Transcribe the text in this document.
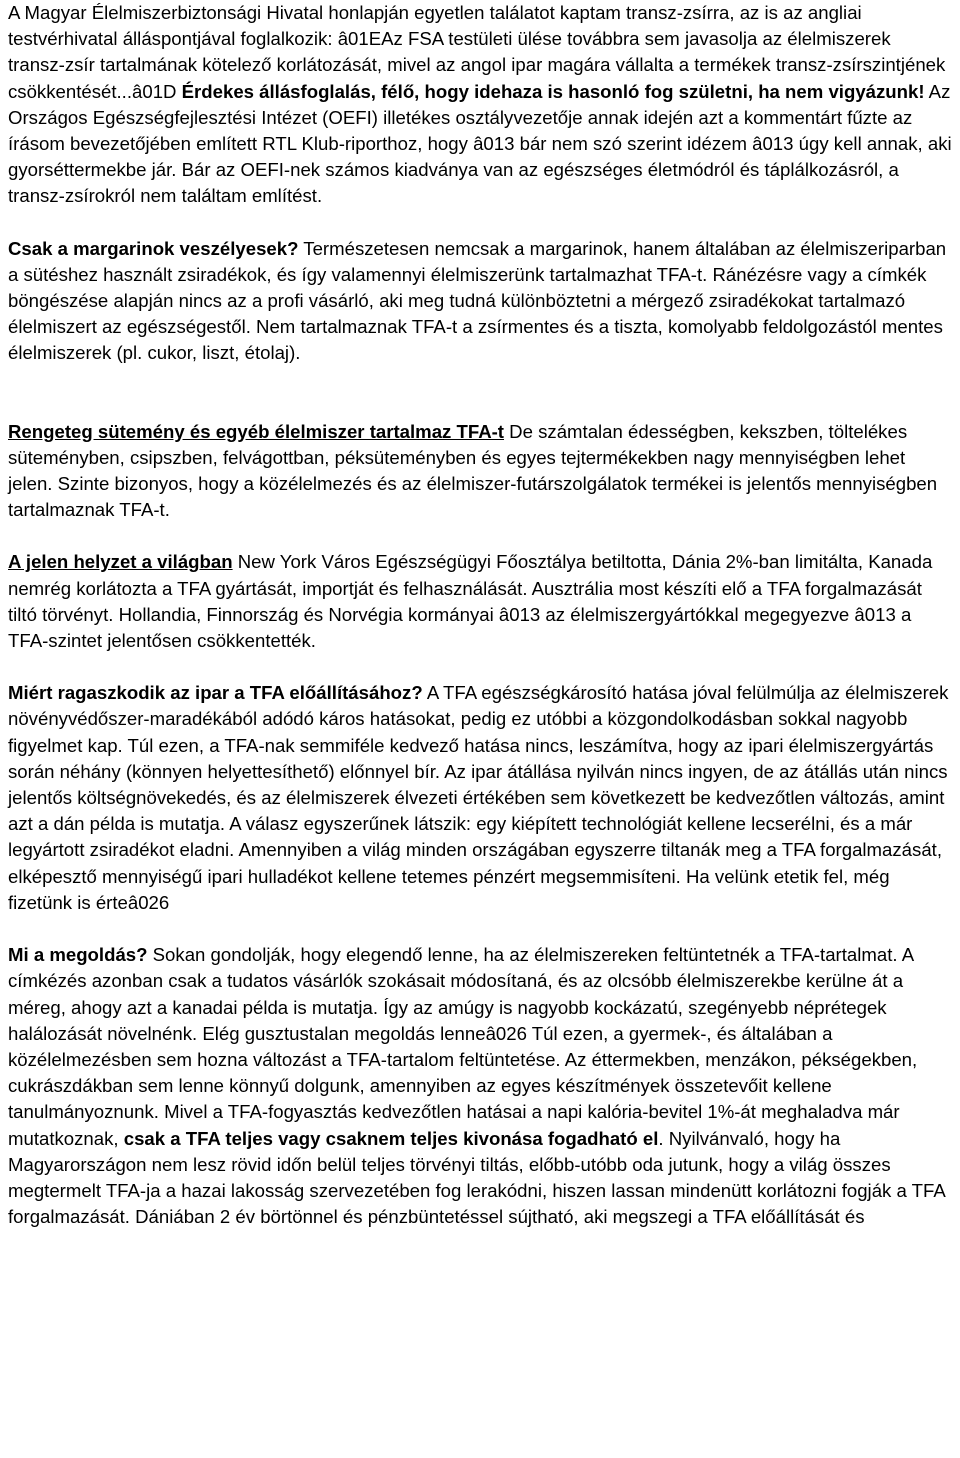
A Magyar Élelmiszerbiztonsági Hivatal honlapján egyetlen találatot kaptam transz-zsírra, az is az angliai testvérhivatal álláspontjával foglalkozik: â01EAz FSA testületi ülése továbbra sem javasolja az élelmiszerek transz-zsír tartalmának kötelező korlátozását, mivel az angol ipar magára vállalta a termékek transz-zsírszintjének csökkentését...â01D Érdekes állásfoglalás, félő, hogy idehaza is hasonló fog születni, ha nem vigyázunk! Az Országos Egészségfejlesztési Intézet (OEFI) illetékes osztályvezetője annak idején azt a kommentárt fűzte az írásom bevezetőjében említett RTL Klub-riporthoz, hogy â013 bár nem szó szerint idézem â013 úgy kell annak, aki gyorséttermekbe jár. Bár az OEFI-nek számos kiadványa van az egészséges életmódról és táplálkozásról, a transz-zsírokról nem találtam említést.

Csak a margarinok veszélyesek? Természetesen nemcsak a margarinok, hanem általában az élelmiszeriparban a sütéshez használt zsiradékok, és így valamennyi élelmiszerünk tartalmazhat TFA-t. Ránézésre vagy a címkék böngészése alapján nincs az a profi vásárló, aki meg tudná különböztetni a mérgező zsiradékokat tartalmazó élelmiszert az egészségestől. Nem tartalmaznak TFA-t a zsírmentes és a tiszta, komolyabb feldolgozástól mentes élelmiszerek (pl. cukor, liszt, étolaj).

Rengeteg sütemény és egyéb élelmiszer tartalmaz TFA-t De számtalan édességben, kekszben, töltelékes süteményben, csipszben, felvágottban, péksüteményben és egyes tejtermékekben nagy mennyiségben lehet jelen. Szinte bizonyos, hogy a közélelmezés és az élelmiszer-futárszolgálatok termékei is jelentős mennyiségben tartalmaznak TFA-t.

A jelen helyzet a világban New York Város Egészségügyi Főosztálya betiltotta, Dánia 2%-ban limitálta, Kanada nemrég korlátozta a TFA gyártását, importját és felhasználását. Ausztrália most készíti elő a TFA forgalmazását tiltó törvényt. Hollandia, Finnország és Norvégia kormányai â013 az élelmiszergyártókkal megegyezve â013 a TFA-szintet jelentősen csökkentették.

Miért ragaszkodik az ipar a TFA előállításához? A TFA egészségkárosító hatása jóval felülmúlja az élelmiszerek növényvédőszer-maradékából adódó káros hatásokat, pedig ez utóbbi a közgondolkodásban sokkal nagyobb figyelmet kap. Túl ezen, a TFA-nak semmiféle kedvező hatása nincs, leszámítva, hogy az ipari élelmiszergyártás során néhány (könnyen helyettesíthető) előnnyel bír. Az ipar átállása nyilván nincs ingyen, de az átállás után nincs jelentős költségnövekedés, és az élelmiszerek élvezeti értékében sem következett be kedvezőtlen változás, amint azt a dán példa is mutatja. A válasz egyszerűnek látszik: egy kiépített technológiát kellene lecserélni, és a már legyártott zsiradékot eladni. Amennyiben a világ minden országában egyszerre tiltanák meg a TFA forgalmazását, elképesztő mennyiségű ipari hulladékot kellene tetemes pénzért megsemmisíteni. Ha velünk etetik fel, még fizetünk is érteâ026

Mi a megoldás? Sokan gondolják, hogy elegendő lenne, ha az élelmiszereken feltüntetnék a TFA-tartalmat. A címkézés azonban csak a tudatos vásárlók szokásait módosítaná, és az olcsóbb élelmiszerekbe kerülne át a méreg, ahogy azt a kanadai példa is mutatja. Így az amúgy is nagyobb kockázatú, szegényebb néprétegek halálozását növelnénk. Elég gusztustalan megoldás lenneâ026 Túl ezen, a gyermek-, és általában a közélelmezésben sem hozna változást a TFA-tartalom feltüntetése. Az éttermekben, menzákon, pékségekben, cukrászdákban sem lenne könnyű dolgunk, amennyiben az egyes készítmények összetevőit kellene tanulmányoznunk. Mivel a TFA-fogyasztás kedvezőtlen hatásai a napi kalória-bevitel 1%-át meghaladva már mutatkoznak, csak a TFA teljes vagy csaknem teljes kivonása fogadható el. Nyilvánvaló, hogy ha Magyarországon nem lesz rövid időn belül teljes törvényi tiltás, előbb-utóbb oda jutunk, hogy a világ összes megtermelt TFA-ja a hazai lakosság szervezetében fog lerakódni, hiszen lassan mindenütt korlátozni fogják a TFA forgalmazását. Dániában 2 év börtönnel és pénzbüntetéssel sújtható, aki megszegi a TFA előállítását és
